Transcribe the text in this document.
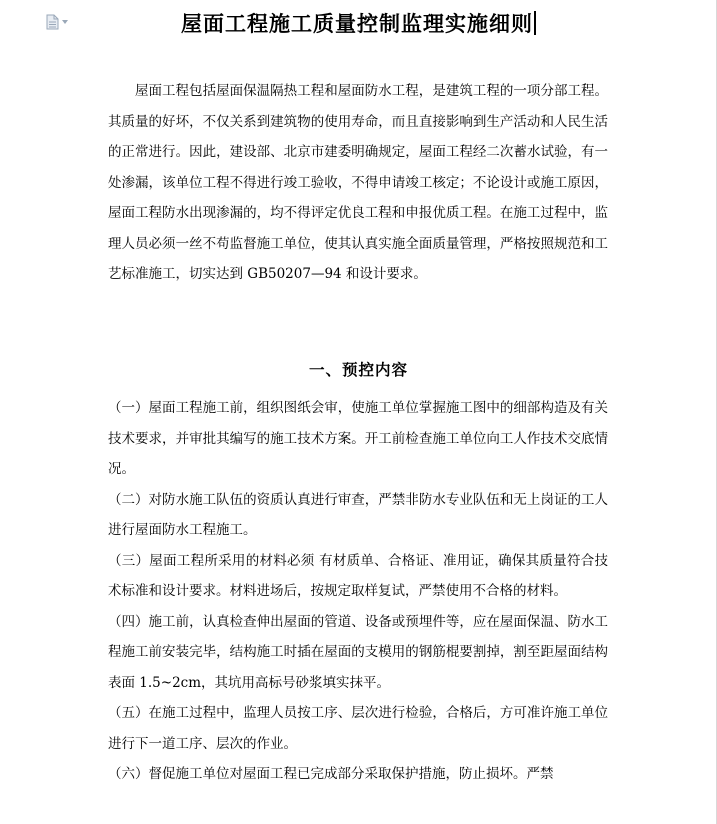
屋面工程施工质量控制监理实施细则

屋面工程包括屋面保温隔热工程和屋面防水工程，是建筑工程的一项分部工程。其质量的好坏，不仅关系到建筑物的使用寿命，而且直接影响到生产活动和人民生活的正常进行。因此，建设部、北京市建委明确规定，屋面工程经二次蓄水试验，有一处渗漏，该单位工程不得进行竣工验收，不得申请竣工核定；不论设计或施工原因，屋面工程防水出现渗漏的，均不得评定优良工程和申报优质工程。在施工过程中，监理人员必须一丝不苟监督施工单位，使其认真实施全面质量管理，严格按照规范和工艺标准施工，切实达到 GB50207—94 和设计要求。

一、预控内容

（一）屋面工程施工前，组织图纸会审，使施工单位掌握施工图中的细部构造及有关技术要求，并审批其编写的施工技术方案。开工前检查施工单位向工人作技术交底情况。

（二）对防水施工队伍的资质认真进行审查，严禁非防水专业队伍和无上岗证的工人进行屋面防水工程施工。

（三）屋面工程所采用的材料必须 有材质单、合格证、准用证，确保其质量符合技术标准和设计要求。材料进场后，按规定取样复试，严禁使用不合格的材料。

（四）施工前，认真检查伸出屋面的管道、设备或预埋件等，应在屋面保温、防水工程施工前安装完毕，结构施工时插在屋面的支模用的钢筋棍要割掉，割至距屋面结构表面 1.5~2cm，其坑用高标号砂浆填实抹平。

（五）在施工过程中，监理人员按工序、层次进行检验，合格后，方可准许施工单位进行下一道工序、层次的作业。

（六）督促施工单位对屋面工程已完成部分采取保护措施，防止损坏。严禁
